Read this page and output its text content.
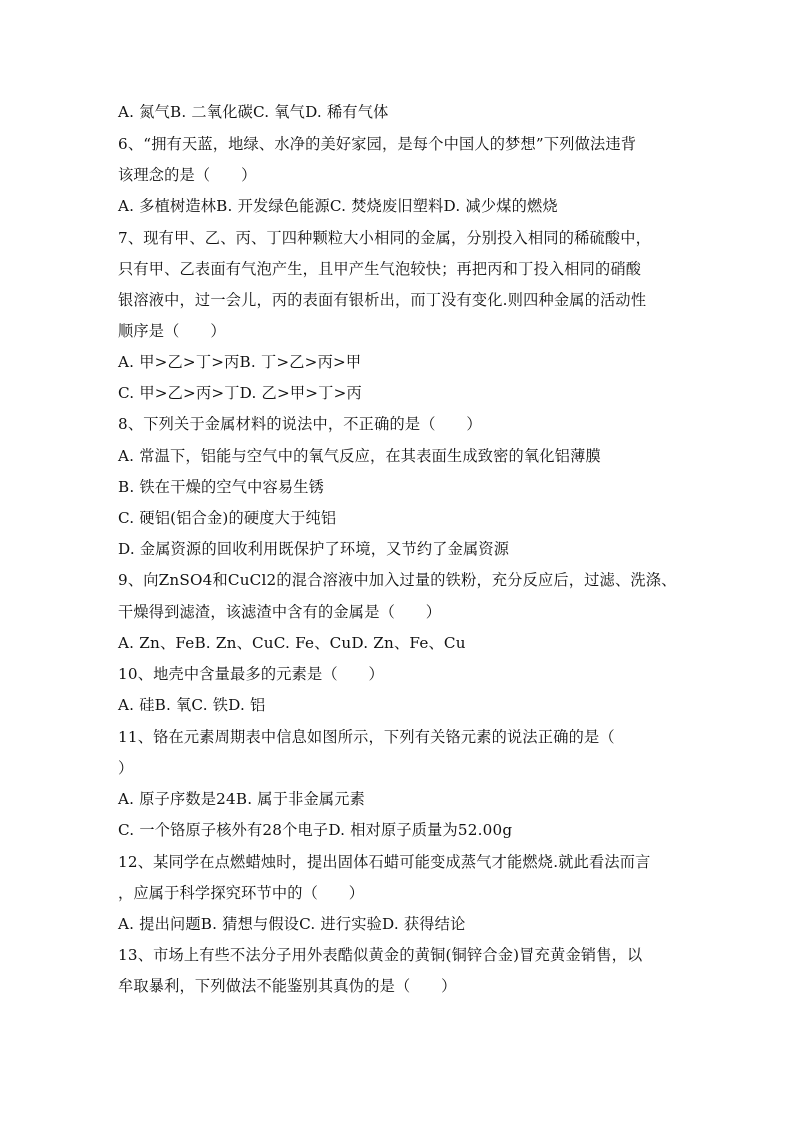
A. 氮气B. 二氧化碳C. 氧气D. 稀有气体
6、“拥有天蓝，地绿、水净的美好家园，是每个中国人的梦想”下列做法违背
该理念的是（　　）
A. 多植树造林B. 开发绿色能源C. 焚烧废旧塑料D. 减少煤的燃烧
7、现有甲、乙、丙、丁四种颗粒大小相同的金属，分别投入相同的稀硫酸中，
只有甲、乙表面有气泡产生，且甲产生气泡较快；再把丙和丁投入相同的硝酸
银溶液中，过一会儿，丙的表面有银析出，而丁没有变化.则四种金属的活动性
顺序是（　　）
A. 甲>乙>丁>丙B. 丁>乙>丙>甲
C. 甲>乙>丙>丁D. 乙>甲>丁>丙
8、下列关于金属材料的说法中，不正确的是（　　）
A. 常温下，铝能与空气中的氧气反应，在其表面生成致密的氧化铝薄膜
B. 铁在干燥的空气中容易生锈
C. 硬铝(铝合金)的硬度大于纯铝
D. 金属资源的回收利用既保护了环境，又节约了金属资源
9、向ZnSO4和CuCl2的混合溶液中加入过量的铁粉，充分反应后，过滤、洗涤、
干燥得到滤渣，该滤渣中含有的金属是（　　）
A. Zn、FeB. Zn、CuC. Fe、CuD. Zn、Fe、Cu
10、地壳中含量最多的元素是（　　）
A. 硅B. 氧C. 铁D. 铝
11、铬在元素周期表中信息如图所示，下列有关铬元素的说法正确的是（
）
A. 原子序数是24B. 属于非金属元素
C. 一个铬原子核外有28个电子D. 相对原子质量为52.00g
12、某同学在点燃蜡烛时，提出固体石蜡可能变成蒸气才能燃烧.就此看法而言
，应属于科学探究环节中的（　　）
A. 提出问题B. 猜想与假设C. 进行实验D. 获得结论
13、市场上有些不法分子用外表酷似黄金的黄铜(铜锌合金)冒充黄金销售，以
牟取暴利，下列做法不能鉴别其真伪的是（　　）
